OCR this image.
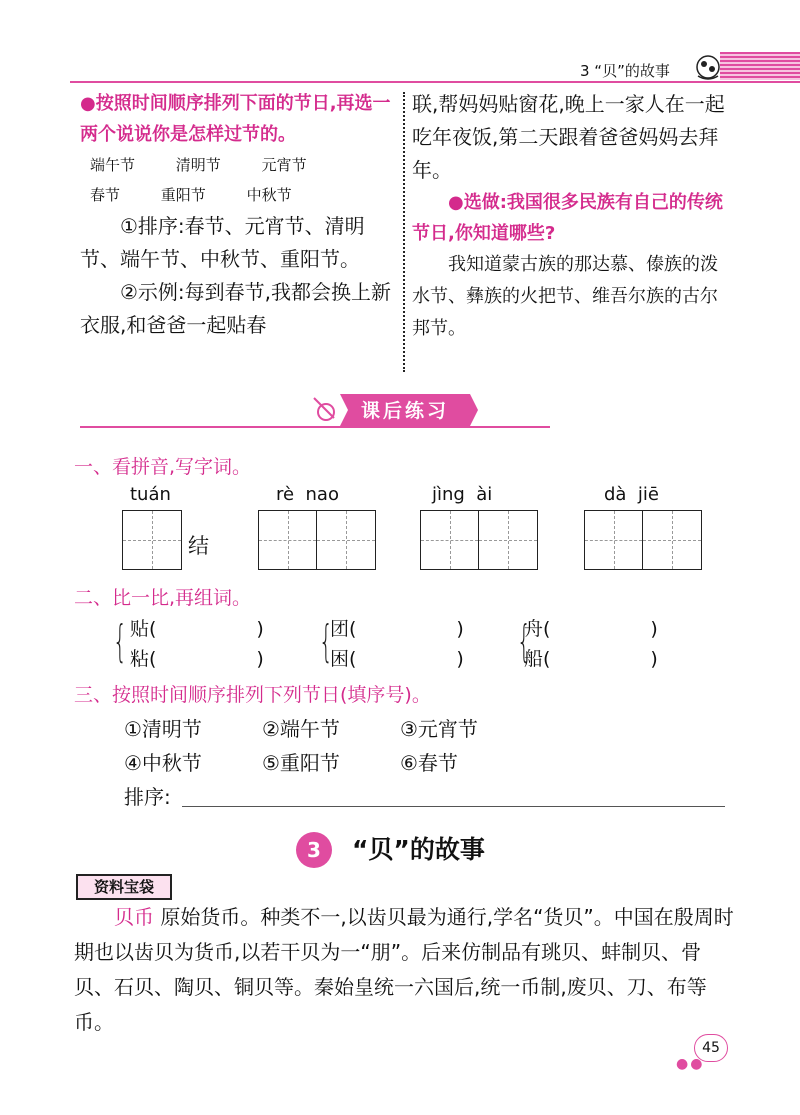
3 “贝”的故事
●按照时间顺序排列下面的节日,再选一两个说说你是怎样过节的。
端午节	清明节	元宵节
春节	重阳节	中秋节
①排序:春节、元宵节、清明节、端午节、中秋节、重阳节。
②示例:每到春节,我都会换上新衣服,和爸爸一起贴春
联,帮妈妈贴窗花,晚上一家人在一起吃年夜饭,第二天跟着爸爸妈妈去拜年。
●选做:我国很多民族有自己的传统节日,你知道哪些?
我知道蒙古族的那达慕、傣族的泼水节、彝族的火把节、维吾尔族的古尔邦节。
课后练习
一、看拼音,写字词。
tuán
结
rè  nao	jìng  ài	dà  jiē
二、比一比,再组词。
{ 贴(	)
粘(	) {
团(	)
困(	) {
舟(	)
船(	)
三、按照时间顺序排列下列节日(填序号)。
①清明节	②端午节	③元宵节
④中秋节	⑤重阳节	⑥春节
排序:
3	“贝”的故事
资料宝袋
贝币 原始货币。种类不一,以齿贝最为通行,学名“货贝”。中国在殷周时期也以齿贝为货币,以若干贝为一“朋”。后来仿制品有珧贝、蚌制贝、骨贝、石贝、陶贝、铜贝等。秦始皇统一六国后,统一币制,废贝、刀、布等币。
45
●●
